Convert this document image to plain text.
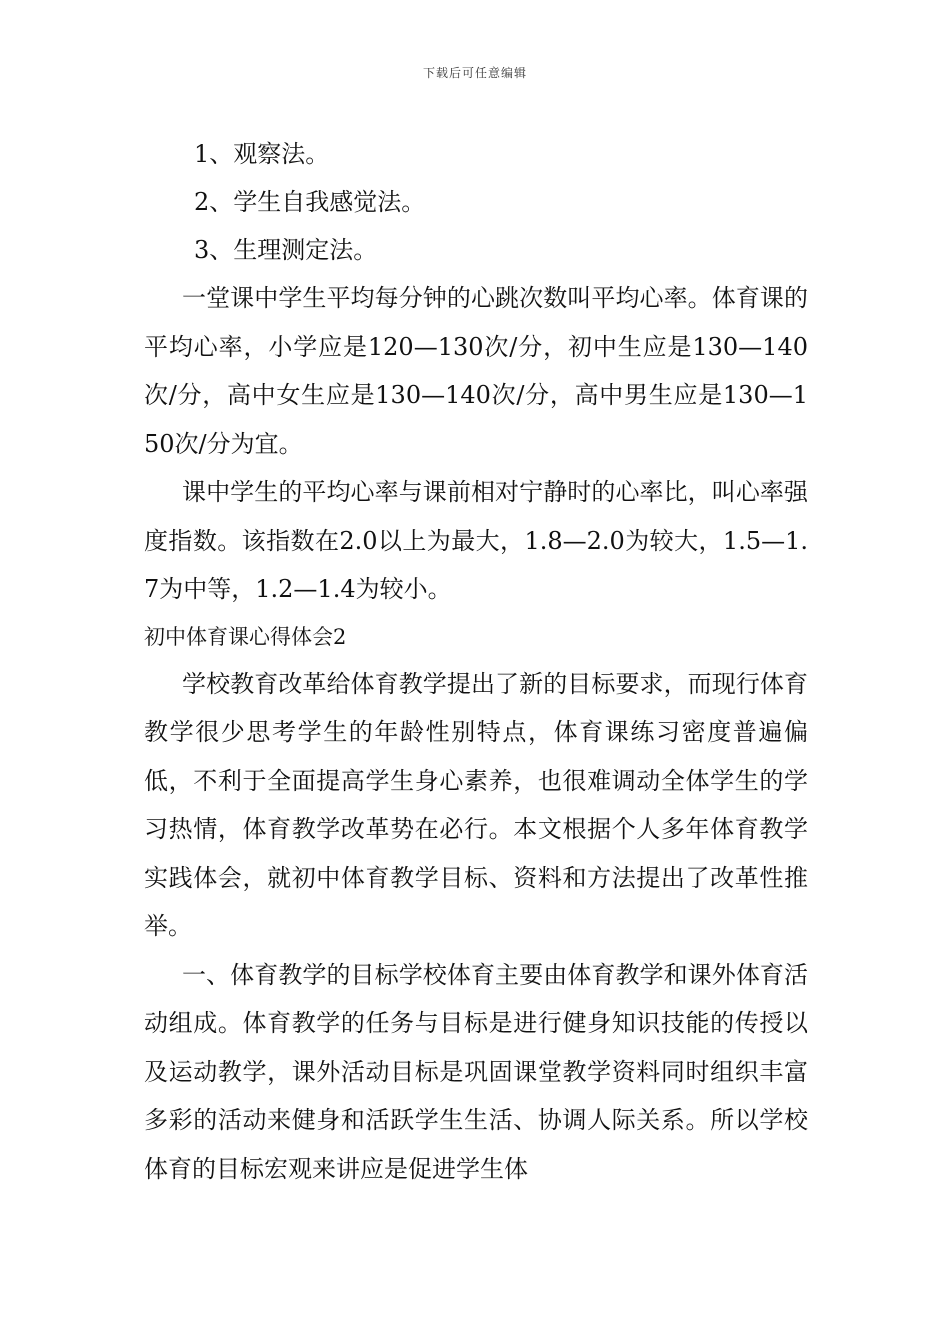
下载后可任意编辑
1、观察法。
2、学生自我感觉法。
3、生理测定法。

一堂课中学生平均每分钟的心跳次数叫平均心率。体育课的平均心率，小学应是120—130次/分，初中生应是130—140次/分，高中女生应是130—140次/分，高中男生应是130—150次/分为宜。

课中学生的平均心率与课前相对宁静时的心率比，叫心率强度指数。该指数在2.0以上为最大，1.8—2.0为较大，1.5—1.7为中等，1.2—1.4为较小。

初中体育课心得体会2

学校教育改革给体育教学提出了新的目标要求，而现行体育教学很少思考学生的年龄性别特点，体育课练习密度普遍偏低，不利于全面提高学生身心素养，也很难调动全体学生的学习热情，体育教学改革势在必行。本文根据个人多年体育教学实践体会，就初中体育教学目标、资料和方法提出了改革性推举。

一、体育教学的目标学校体育主要由体育教学和课外体育活动组成。体育教学的任务与目标是进行健身知识技能的传授以及运动教学，课外活动目标是巩固课堂教学资料同时组织丰富多彩的活动来健身和活跃学生生活、协调人际关系。所以学校体育的目标宏观来讲应是促进学生体
